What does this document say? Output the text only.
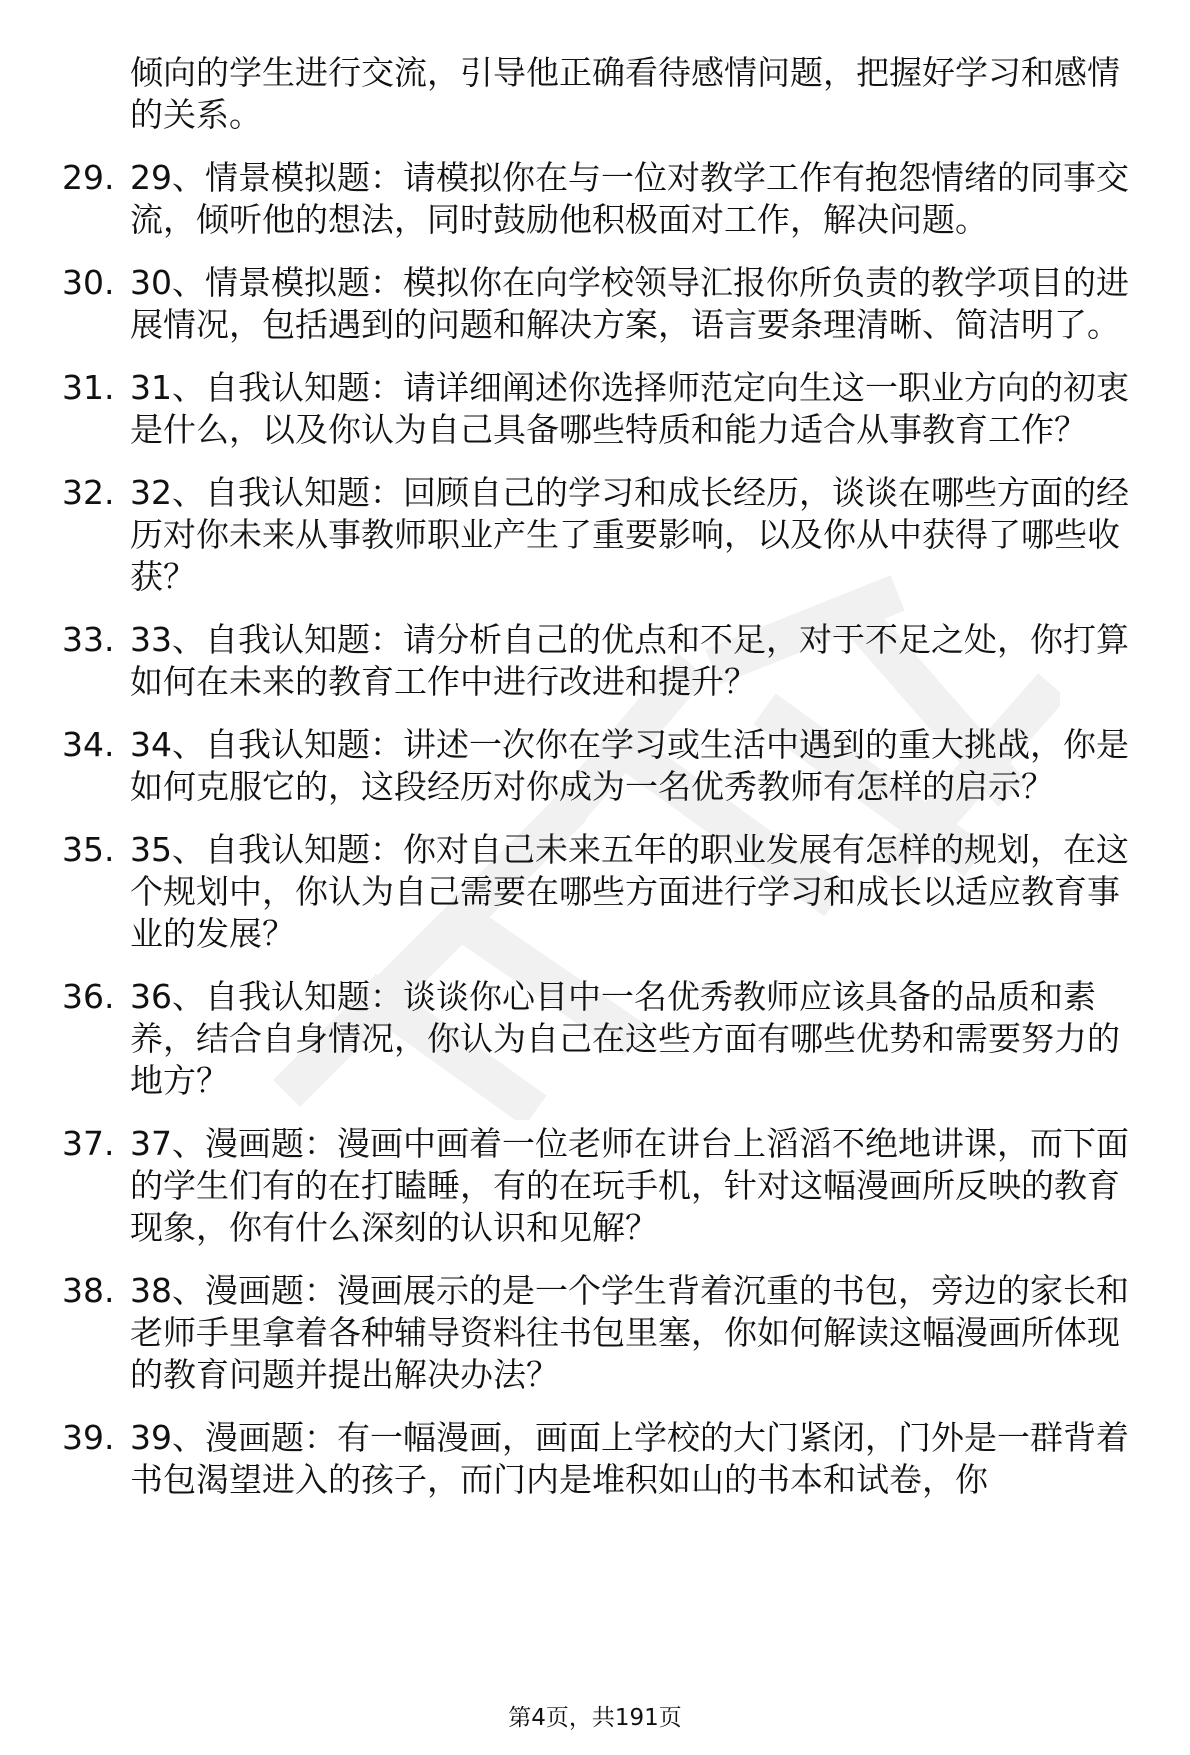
倾向的学生进行交流，引导他正确看待感情问题，把握好学习和感情的关系。

29. 29、情景模拟题：请模拟你在与一位对教学工作有抱怨情绪的同事交流，倾听他的想法，同时鼓励他积极面对工作，解决问题。
30. 30、情景模拟题：模拟你在向学校领导汇报你所负责的教学项目的进展情况，包括遇到的问题和解决方案，语言要条理清晰、简洁明了。
31. 31、自我认知题：请详细阐述你选择师范定向生这一职业方向的初衷是什么，以及你认为自己具备哪些特质和能力适合从事教育工作？
32. 32、自我认知题：回顾自己的学习和成长经历，谈谈在哪些方面的经历对你未来从事教师职业产生了重要影响，以及你从中获得了哪些收获？
33. 33、自我认知题：请分析自己的优点和不足，对于不足之处，你打算如何在未来的教育工作中进行改进和提升？
34. 34、自我认知题：讲述一次你在学习或生活中遇到的重大挑战，你是如何克服它的，这段经历对你成为一名优秀教师有怎样的启示？
35. 35、自我认知题：你对自己未来五年的职业发展有怎样的规划，在这个规划中，你认为自己需要在哪些方面进行学习和成长以适应教育事业的发展？
36. 36、自我认知题：谈谈你心目中一名优秀教师应该具备的品质和素养，结合自身情况，你认为自己在这些方面有哪些优势和需要努力的地方？
37. 37、漫画题：漫画中画着一位老师在讲台上滔滔不绝地讲课，而下面的学生们有的在打瞌睡，有的在玩手机，针对这幅漫画所反映的教育现象，你有什么深刻的认识和见解？
38. 38、漫画题：漫画展示的是一个学生背着沉重的书包，旁边的家长和老师手里拿着各种辅导资料往书包里塞，你如何解读这幅漫画所体现的教育问题并提出解决办法？
39. 39、漫画题：有一幅漫画，画面上学校的大门紧闭，门外是一群背着书包渴望进入的孩子，而门内是堆积如山的书本和试卷，你
第4页，共191页
